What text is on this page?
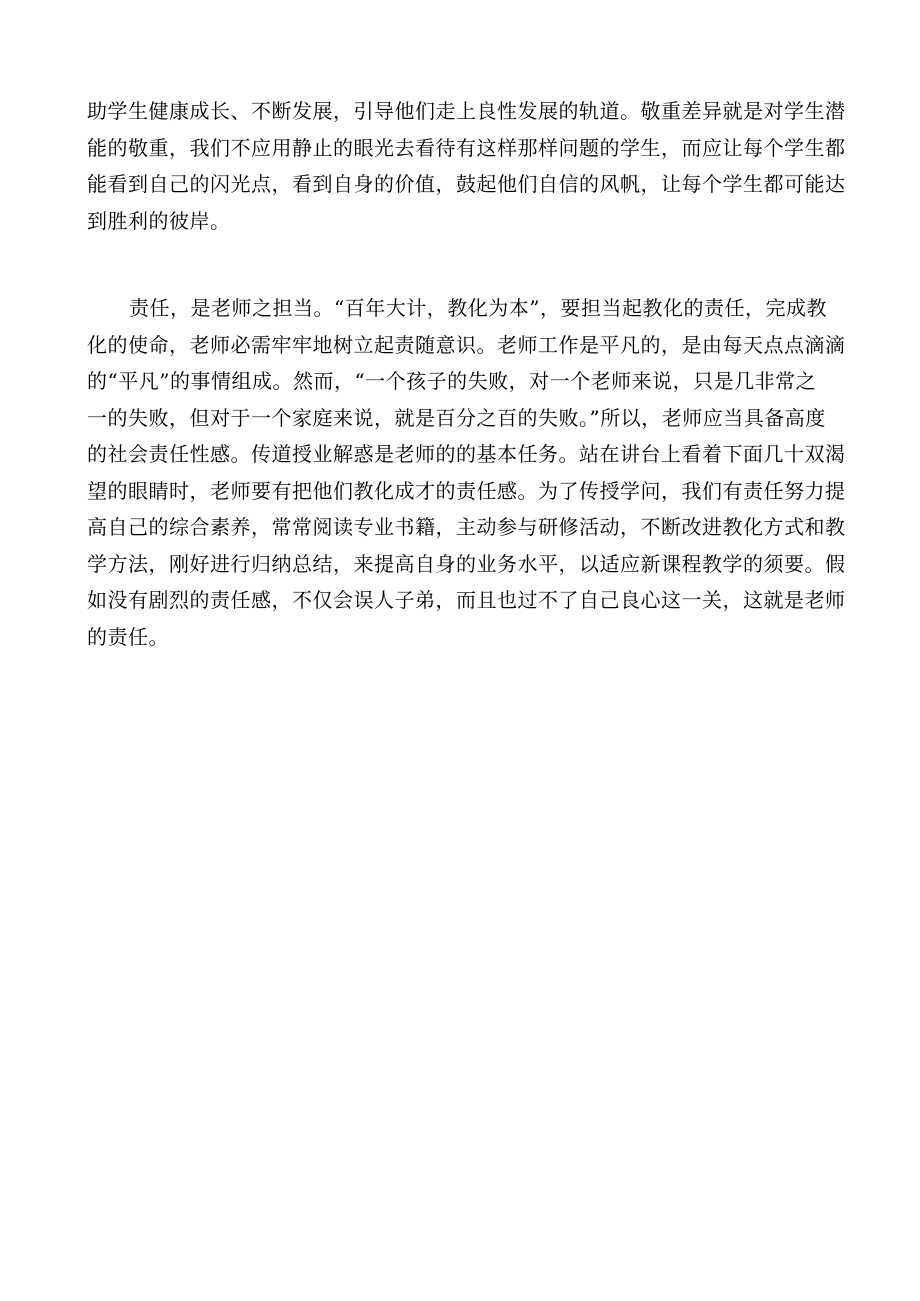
助学生健康成长、不断发展，引导他们走上良性发展的轨道。敬重差异就是对学生潜
能的敬重，我们不应用静止的眼光去看待有这样那样问题的学生，而应让每个学生都
能看到自己的闪光点，看到自身的价值，鼓起他们自信的风帆，让每个学生都可能达
到胜利的彼岸。
责任，是老师之担当。“百年大计，教化为本”，要担当起教化的责任，完成教
化的使命，老师必需牢牢地树立起责随意识。老师工作是平凡的，是由每天点点滴滴
的“平凡”的事情组成。然而，“一个孩子的失败，对一个老师来说，只是几非常之
一的失败，但对于一个家庭来说，就是百分之百的失败。”所以，老师应当具备高度
的社会责任性感。传道授业解惑是老师的的基本任务。站在讲台上看着下面几十双渴
望的眼睛时，老师要有把他们教化成才的责任感。为了传授学问，我们有责任努力提
高自己的综合素养，常常阅读专业书籍，主动参与研修活动，不断改进教化方式和教
学方法，刚好进行归纳总结，来提高自身的业务水平，以适应新课程教学的须要。假
如没有剧烈的责任感，不仅会误人子弟，而且也过不了自己良心这一关，这就是老师
的责任。
